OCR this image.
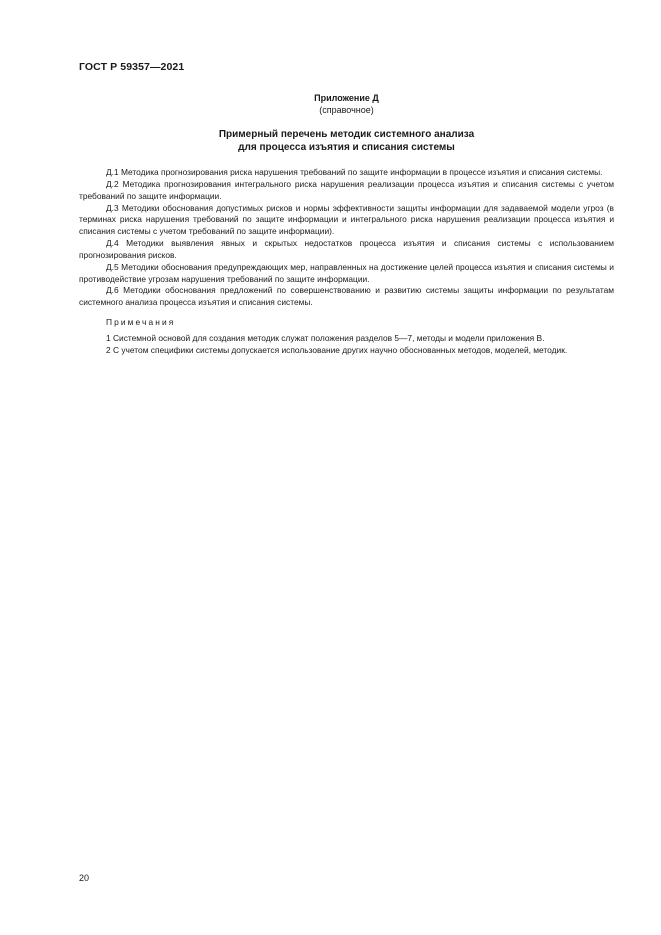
ГОСТ Р 59357—2021
Приложение Д
(справочное)
Примерный перечень методик системного анализа
для процесса изъятия и списания системы

Д.1 Методика прогнозирования риска нарушения требований по защите информации в процессе изъятия и списания системы.

Д.2 Методика прогнозирования интегрального риска нарушения реализации процесса изъятия и списания системы с учетом требований по защите информации.

Д.3 Методики обоснования допустимых рисков и нормы эффективности защиты информации для задаваемой модели угроз (в терминах риска нарушения требований по защите информации и интегрального риска нарушения реализации процесса изъятия и списания системы с учетом требований по защите информации).

Д.4 Методики выявления явных и скрытых недостатков процесса изъятия и списания системы с использованием прогнозирования рисков.

Д.5 Методики обоснования предупреждающих мер, направленных на достижение целей процесса изъятия и списания системы и противодействие угрозам нарушения требований по защите информации.

Д.6 Методики обоснования предложений по совершенствованию и развитию системы защиты информации по результатам системного анализа процесса изъятия и списания системы.

Примечания

1 Системной основой для создания методик служат положения разделов 5—7, методы и модели приложения В.

2 С учетом специфики системы допускается использование других научно обоснованных методов, моделей, методик.

20
